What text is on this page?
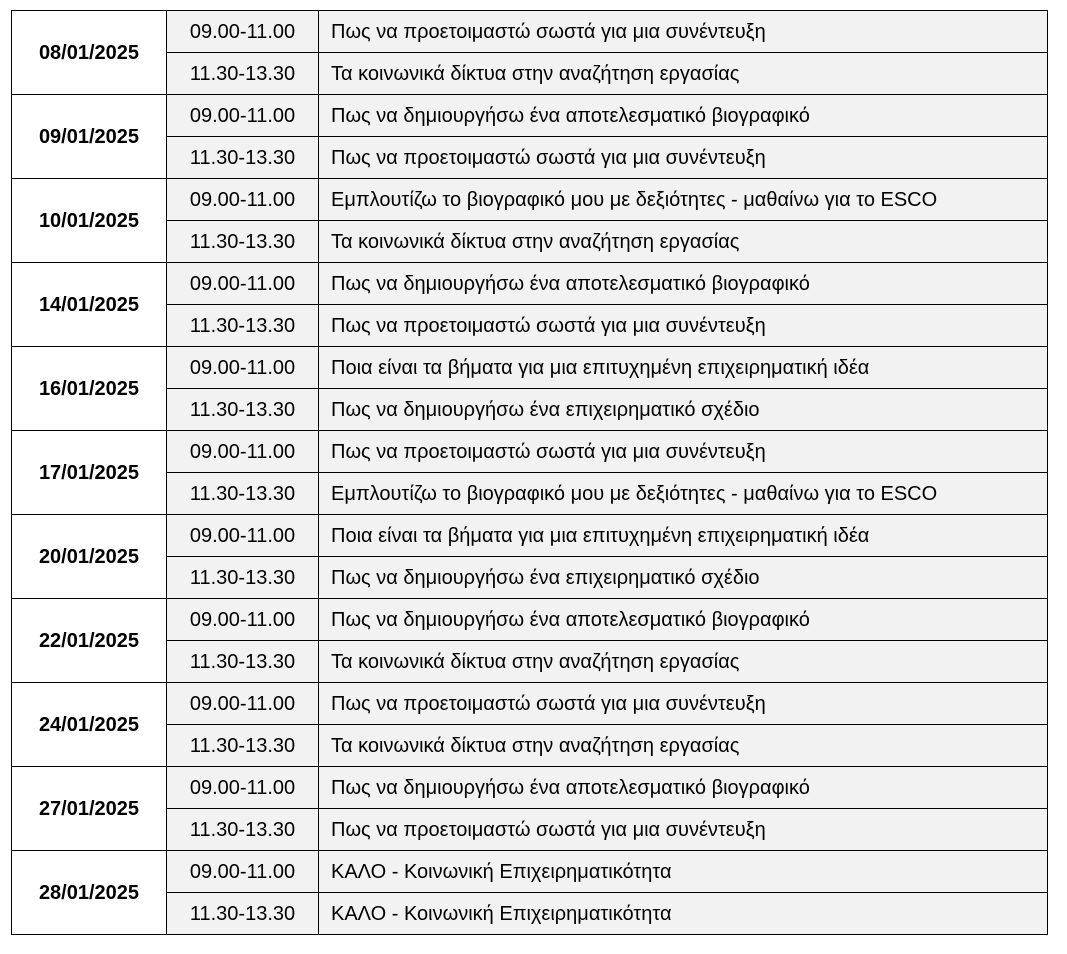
08/01/2025	09.00-11.00	Πως να προετοιμαστώ σωστά για μια συνέντευξη
	11.30-13.30	Τα κοινωνικά δίκτυα στην αναζήτηση εργασίας
09/01/2025	09.00-11.00	Πως να δημιουργήσω ένα αποτελεσματικό βιογραφικό
	11.30-13.30	Πως να προετοιμαστώ σωστά για μια συνέντευξη
10/01/2025	09.00-11.00	Εμπλουτίζω το βιογραφικό μου με δεξιότητες - μαθαίνω για το ESCO
	11.30-13.30	Τα κοινωνικά δίκτυα στην αναζήτηση εργασίας
14/01/2025	09.00-11.00	Πως να δημιουργήσω ένα αποτελεσματικό βιογραφικό
	11.30-13.30	Πως να προετοιμαστώ σωστά για μια συνέντευξη
16/01/2025	09.00-11.00	Ποια είναι τα βήματα για μια επιτυχημένη επιχειρηματική ιδέα
	11.30-13.30	Πως να δημιουργήσω ένα επιχειρηματικό σχέδιο
17/01/2025	09.00-11.00	Πως να προετοιμαστώ σωστά για μια συνέντευξη
	11.30-13.30	Εμπλουτίζω το βιογραφικό μου με δεξιότητες - μαθαίνω για το ESCO
20/01/2025	09.00-11.00	Ποια είναι τα βήματα για μια επιτυχημένη επιχειρηματική ιδέα
	11.30-13.30	Πως να δημιουργήσω ένα επιχειρηματικό σχέδιο
22/01/2025	09.00-11.00	Πως να δημιουργήσω ένα αποτελεσματικό βιογραφικό
	11.30-13.30	Τα κοινωνικά δίκτυα στην αναζήτηση εργασίας
24/01/2025	09.00-11.00	Πως να προετοιμαστώ σωστά για μια συνέντευξη
	11.30-13.30	Τα κοινωνικά δίκτυα στην αναζήτηση εργασίας
27/01/2025	09.00-11.00	Πως να δημιουργήσω ένα αποτελεσματικό βιογραφικό
	11.30-13.30	Πως να προετοιμαστώ σωστά για μια συνέντευξη
28/01/2025	09.00-11.00	ΚΑΛΟ - Κοινωνική Επιχειρηματικότητα
	11.30-13.30	ΚΑΛΟ - Κοινωνική Επιχειρηματικότητα
